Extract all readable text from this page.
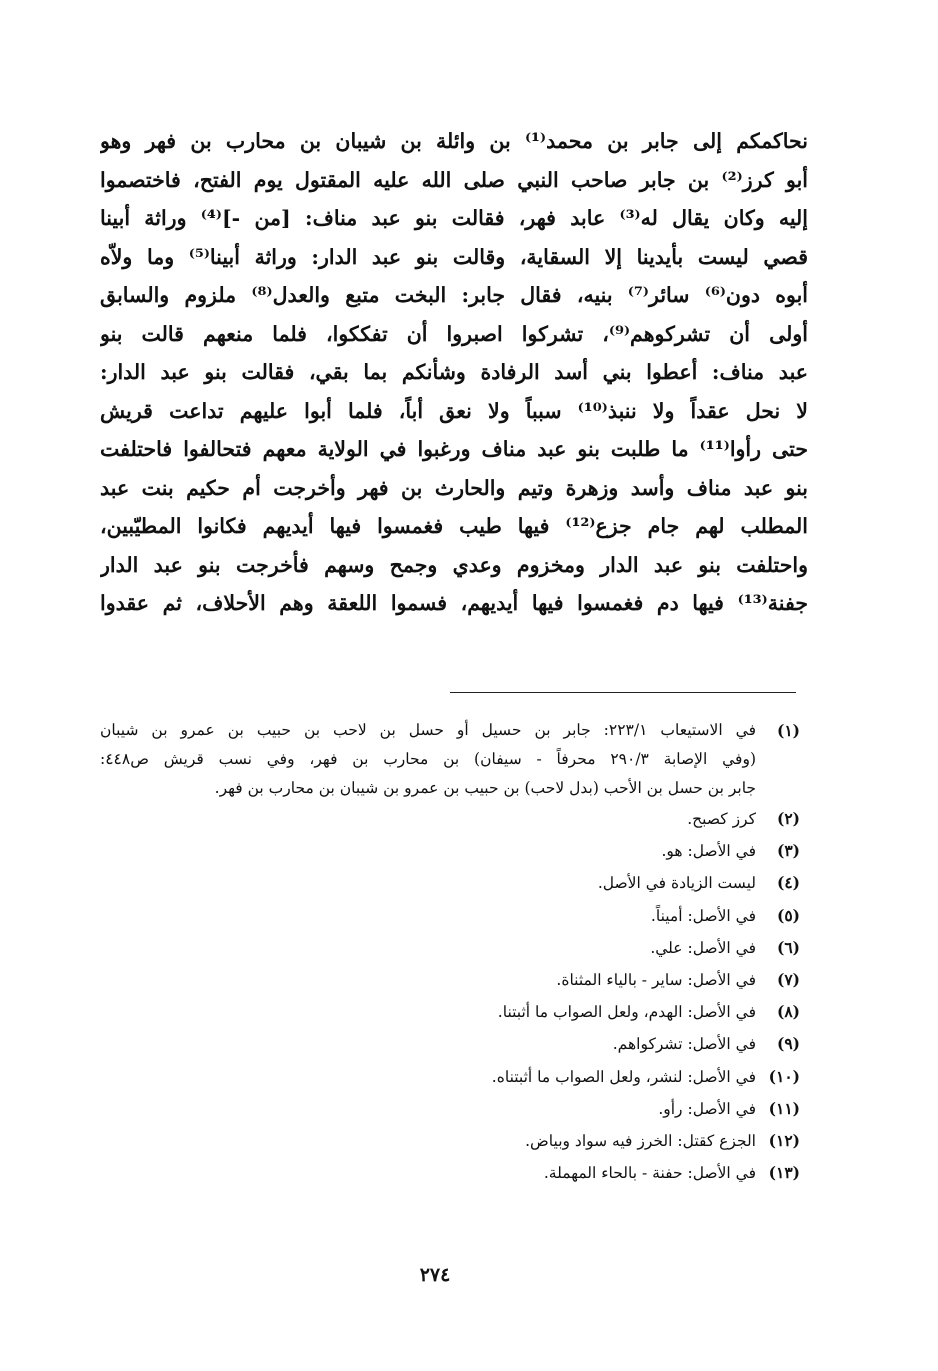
نحاكمكم إلى جابر بن محمد⁽¹⁾ بن وائلة بن شيبان بن محارب بن فهر وهو
أبو كرز⁽²⁾ بن جابر صاحب النبي صلى الله عليه المقتول يوم الفتح، فاختصموا
إليه وكان يقال له⁽³⁾ عابد فهر، فقالت بنو عبد مناف: [من -]⁽⁴⁾ وراثة أبينا
قصي ليست بأيدينا إلا السقاية، وقالت بنو عبد الدار: وراثة أبينا⁽⁵⁾ وما ولاّه
أبوه دون⁽⁶⁾ سائر⁽⁷⁾ بنيه، فقال جابر: البخت متبع والعدل⁽⁸⁾ ملزوم والسابق
أولى أن تشركوهم⁽⁹⁾، تشركوا اصبروا أن تفككوا، فلما منعهم قالت بنو
عبد مناف: أعطوا بني أسد الرفادة وشأنكم بما بقي، فقالت بنو عبد الدار:
لا نحل عقداً ولا ننبذ⁽¹⁰⁾ سبباً ولا نعق أباً، فلما أبوا عليهم تداعت قريش
حتى رأوا⁽¹¹⁾ ما طلبت بنو عبد مناف ورغبوا في الولاية معهم فتحالفوا فاحتلفت
بنو عبد مناف وأسد وزهرة وتيم والحارث بن فهر وأخرجت أم حكيم بنت عبد
المطلب لهم جام جزع⁽¹²⁾ فيها طيب فغمسوا فيها أيديهم فكانوا المطيّبين،
واحتلفت بنو عبد الدار ومخزوم وعدي وجمح وسهم فأخرجت بنو عبد الدار
جفنة⁽¹³⁾ فيها دم فغمسوا فيها أيديهم، فسموا اللعقة وهم الأحلاف، ثم عقدوا
(١)
في الاستيعاب ٢٢٣/١: جابر بن حسيل أو حسل بن لاحب بن حبيب بن عمرو بن شيبان
(وفي الإصابة ٢٩٠/٣ محرفاً - سيفان) بن محارب بن فهر، وفي نسب قريش ص٤٤٨:
جابر بن حسل بن الأحب (بدل لاحب) بن حبيب بن عمرو بن شيبان بن محارب بن فهر.
(٢)
كرز كصبح.
(٣)
في الأصل: هو.
(٤)
ليست الزيادة في الأصل.
(٥)
في الأصل: أميناً.
(٦)
في الأصل: علي.
(٧)
في الأصل: ساير - بالياء المثناة.
(٨)
في الأصل: الهدم، ولعل الصواب ما أثبتنا.
(٩)
في الأصل: تشركواهم.
(١٠)
في الأصل: لنشر، ولعل الصواب ما أثبتناه.
(١١)
في الأصل: رأو.
(١٢)
الجزع كقتل: الخرز فيه سواد وبياض.
(١٣)
في الأصل: حفنة - بالحاء المهملة.
٢٧٤
